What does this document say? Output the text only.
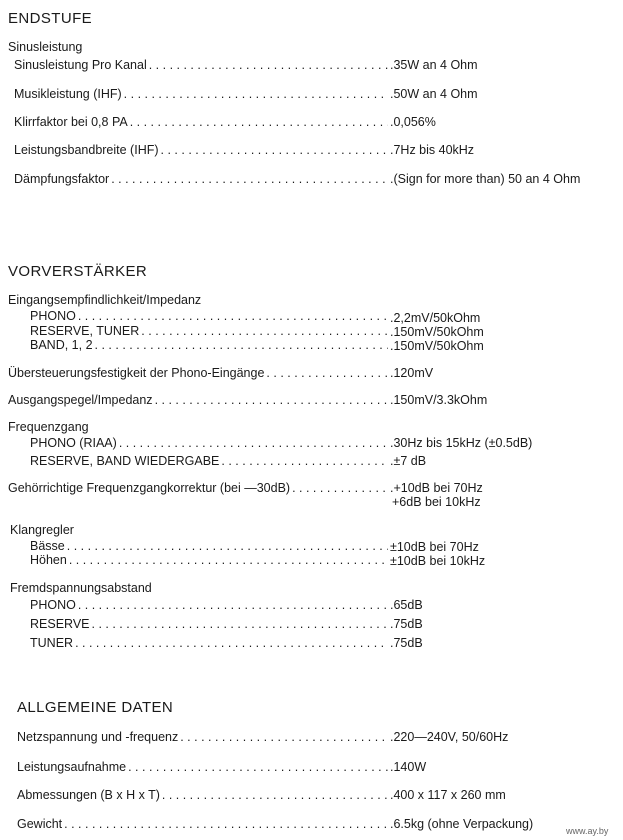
ENDSTUFE
Sinusleistung
Sinusleistung Pro Kanal . . .	.35W an 4 Ohm
Musikleistung (IHF) . . .	.50W an 4 Ohm
Klirrfaktor bei 0,8 PA . . .	.0,056%
Leistungsbandbreite (IHF) . . .	.7Hz bis 40kHz
Dämpfungsfaktor . . .	.(Sign for more than) 50 an 4 Ohm
VORVERSTÄRKER
Eingangsempfindlichkeit/Impedanz
PHONO . . .	.2,2mV/50kOhm
RESERVE, TUNER . . .	.150mV/50kOhm
BAND, 1, 2 . . .	.150mV/50kOhm
Übersteuerungsfestigkeit der Phono-Eingänge . . .	.120mV
Ausgangspegel/Impedanz . . .	.150mV/3.3kOhm
Frequenzgang
PHONO (RIAA) . . .	.30Hz bis 15kHz (±0.5dB)
RESERVE, BAND WIEDERGABE . . .	.±7 dB
Gehörrichtige Frequenzgangkorrektur (bei —30dB) . . .	.+10dB bei 70Hz
+6dB bei 10kHz
Klangregler
Bässe . . .	±10dB bei 70Hz
Höhen . . .	±10dB bei 10kHz
Fremdspannungsabstand
PHONO . . .	.65dB
RESERVE . . .	.75dB
TUNER . . .	.75dB
ALLGEMEINE DATEN
Netzspannung und -frequenz . . .	.220—240V, 50/60Hz
Leistungsaufnahme . . .	.140W
Abmessungen (B x H x T) . . .	.400 x 117 x 260 mm
Gewicht . . .	.6.5kg (ohne Verpackung)	www.ay.by
